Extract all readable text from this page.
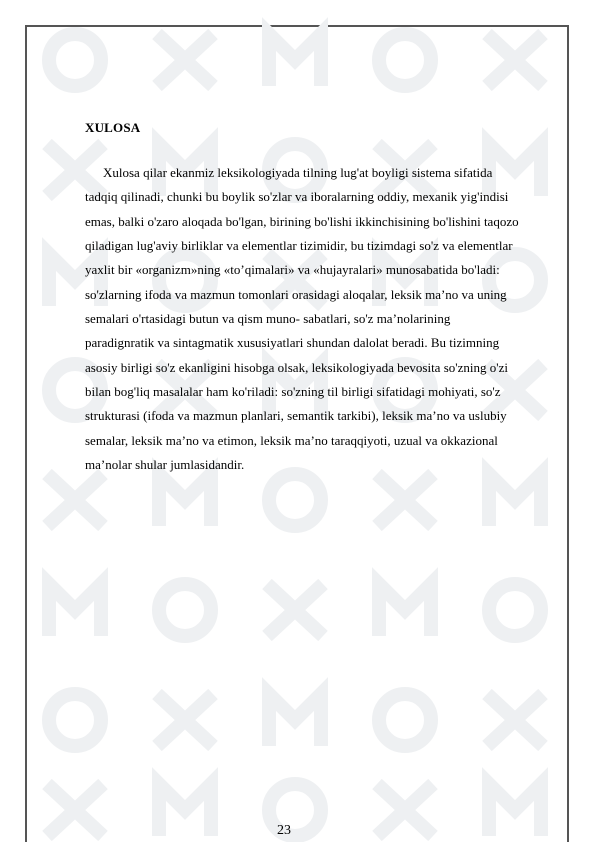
XULOSA
Xulosa qilar ekanmiz leksikologiyada tilning lug'at boyligi sistema sifatida
tadqiq qilinadi, chunki bu boylik so'zlar va iboralarning oddiy, mexanik yig'indisi
emas, balki o'zaro aloqada bo'lgan, birining bo'lishi ikkinchisining bo'lishini taqozo
qiladigan lug'aviy birliklar va elementlar tizimidir, bu tizimdagi so'z va elementlar
yaxlit bir «organizm»ning «to’qimalari» va «hujayralari» munosabatida bo'ladi:
so'zlarning ifoda va mazmun tomonlari orasidagi aloqalar, leksik ma’no va uning
semalari o'rtasidagi butun va qism muno- sabatlari, so'z ma’nolarining
paradignratik va sintagmatik xususiyatlari shundan dalolat beradi. Bu tizimning
asosiy birligi so'z ekanligini hisobga olsak, leksikologiyada bevosita so'zning o'zi
bilan bog'liq masalalar ham ko'riladi: so'zning til birligi sifatidagi mohiyati, so'z
strukturasi (ifoda va mazmun planlari, semantik tarkibi), leksik ma’no va uslubiy
semalar, leksik ma’no va etimon, leksik ma’no taraqqiyoti, uzual va okkazional
ma’nolar shular jumlasidandir.
23
